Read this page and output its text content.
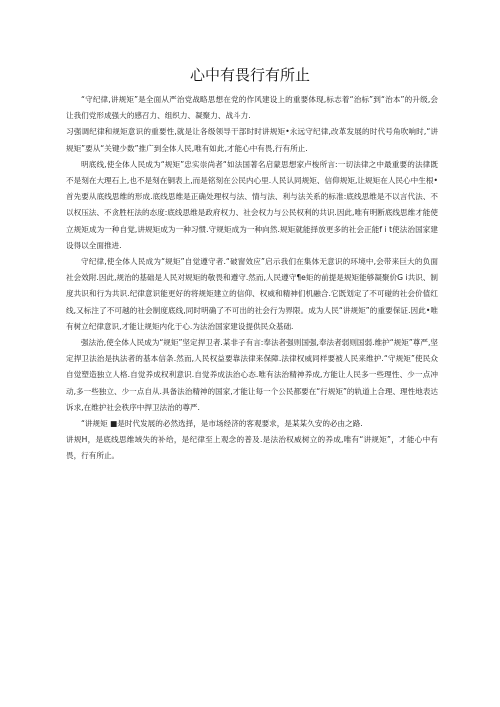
心中有畏行有所止

“守纪律,讲规矩”是全面从严治党战略思想在党的作风建设上的重要体现,标志着“治标”到“治本”的升级,会让我们党形成强大的感召力、组织力、凝聚力、战斗力.

习强调纪律和规矩意识的重要性,就是让各级领导干部时时讲规矩•永远守纪律,改革发展的时代号角吹响时,“讲规矩”要从“关键少数”推广到全体人民,唯有如此,才能心中有畏,行有所止.

明底线,使全体人民成为“规矩”忠实崇尚者“如法国著名启蒙思想家卢梭所言:一切法律之中最重要的法律既不是刻在大理石上,也不是刻在铜表上,而是铭刻在公民内心里.人民认同规矩、信仰规矩,让规矩在人民心中生根•首先要从底线思维的形成.底线思维是正确处理权与法、情与法、利与法关系的标准:底线思维是不以言代法、不以权压法、不贪胜枉法的态度:底线思维是政府权力、社会权力与公民权利的共识.因此,唯有明断底线思维才能使立规矩成为一种自觉,讲规矩成为一种习惯.守规矩成为一种向然.规矩就能择放更多的社会正能f i t使法治国家建设得以全面推进.

守纪律,使全体人民成为“规矩”自觉遵守者.“破窗效应”启示我们在集体无意识的环境中,会带来巨大的负面社会效附.因此,规治的基础是人民对规矩的敬畏和遵守.然而,人民遵守¶e矩的前提是规矩能够凝聚价G i共识、制度共识和行为共识.纪律意识能更好的将规矩建立的信仰、权威和精神们机融合.它既划定了不可碰的社会价值红线,又标注了不可越的社会制度底线,同时明确了不可出的社会行为界限。成为人民“讲规矩”的重要保证.因此•唯有树立纪律意识,才能让规矩内化于心.为法治国家建设提供民众基础.

强法治,使全体人民成为“规矩”坚定捍卫者.某非子有言:奉法者强则国强,奉法者弱则国弱.维护“规矩”尊严,坚定捍卫法治是执法者的基本信条.然而,人民权益要靠法律来保障.法律权威同样要被人民来维护.“守规矩”使民众自觉塑造独立人格.自觉养成权利意识.自觉养成法治心态.唯有法治精神养成,方能让人民多一些理性、少一点冲动,多一些独立、少一点自从.具备法治精神的国家,才能让每一个公民都要在“行规矩”的轨道上合理、理性地表达诉求,在维护社会秩序中捍卫法治的尊严.

“讲规矩 ■是时代发展的必然选择，是市场经济的客观要求，是某某久安的必由之路.

讲规H，是底线思维域失的补给，是纪律至上观念的普及.是法治权威树立的养成,唯有“讲规矩”，才能心中有畏，行有所止。
